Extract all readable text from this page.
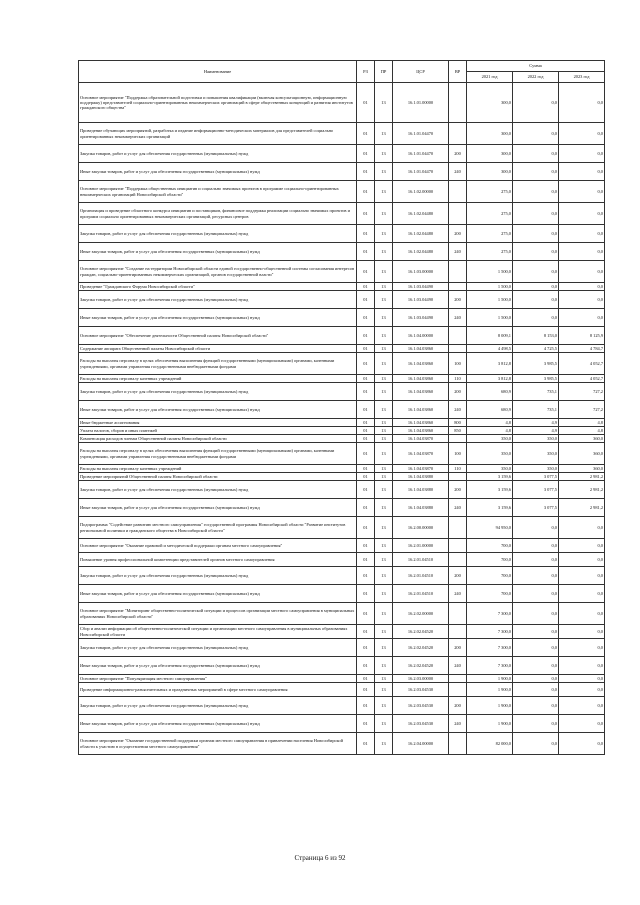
Наименование	РЗ	ПР	ЦСР	ВР	Сумма		
					2021 год	2022 год	2023 год
Основное мероприятие "Поддержка образовательной подготовки и повышения квалификации (включая консультационную, информационную поддержку) представителей социально-ориентированных некоммерческих организаций в сфере общественных концепций и развития институтов гражданского общества"	01	13	16.1.01.00000		300,0	0,0	0,0
Проведение обучающих мероприятий, разработка и издание информационно-методических материалов для представителей социально ориентированных некоммерческих организаций	01	13	16.1.01.04470		300,0	0,0	0,0
Закупка товаров, работ и услуг для обеспечения государственных (муниципальных) нужд	01	13	16.1.01.04470	200	300,0	0,0	0,0
Иные закупки товаров, работ и услуг для обеспечения государственных (муниципальных) нужд	01	13	16.1.01.04470	240	300,0	0,0	0,0
Основное мероприятие "Поддержка общественных инициатив и социально значимых проектов в программе социально-ориентированных некоммерческих организаций Новосибирской области"	01	13	16.1.02.00000		275,0	0,0	0,0
Организация и проведение областного конкурса инициатив и поставщиков, финансовое поддержка реализации социально значимых проектов и программ социально ориентированных некоммерческих организаций, ресурсных центров	01	13	16.1.02.04480		275,0	0,0	0,0
Закупка товаров, работ и услуг для обеспечения государственных (муниципальных) нужд	01	13	16.1.02.04480	200	275,0	0,0	0,0
Иные закупки товаров, работ и услуг для обеспечения государственных (муниципальных) нужд	01	13	16.1.02.04480	240	275,0	0,0	0,0
Основное мероприятие "Создание на территории Новосибирской области единой государственно-общественной системы согласования интересов граждан, социально-ориентированных некоммерческих организаций, органов государственной власти"	01	13	16.1.03.00000		1 500,0	0,0	0,0
Проведение "Гражданского Форума Новосибирской области"	01	13	16.1.03.04490		1 500,0	0,0	0,0
Закупка товаров, работ и услуг для обеспечения государственных (муниципальных) нужд	01	13	16.1.03.04490	200	1 500,0	0,0	0,0
Иные закупки товаров, работ и услуг для обеспечения государственных (муниципальных) нужд	01	13	16.1.03.04490	240	1 500,0	0,0	0,0
Основное мероприятие "Обеспечение деятельности Общественной палаты Новосибирской области"	01	13	16.1.04.00000		8 009,1	8 153,0	8 125,9
Содержание аппарата Общественной палаты Новосибирской области	01	13	16.1.04.03860		4 498,5	4 725,5	4 784,7
Расходы на выплаты персоналу в целях обеспечения выполнения функций государственными (муниципальными) органами, казенными учреждениями, органами управления государственными внебюджетными фондами	01	13	16.1.04.03860	100	3 812,8	3 985,5	4 052,7
Расходы на выплаты персоналу казенных учреждений	01	13	16.1.04.03860	110	3 812,8	3 985,5	4 052,7
Закупка товаров, работ и услуг для обеспечения государственных (муниципальных) нужд	01	13	16.1.04.03860	200	680,9	735,1	727,2
Иные закупки товаров, работ и услуг для обеспечения государственных (муниципальных) нужд	01	13	16.1.04.03860	240	680,9	735,1	727,2
Иные бюджетные ассигнования	01	13	16.1.04.03860	800	4,8	4,9	4,8
Уплата налогов, сборов и иных платежей	01	13	16.1.04.03860	850	4,8	4,9	4,8
Компенсация расходов членам Общественной палаты Новосибирской области	01	13	16.1.04.03870		350,0	350,0	360,0
Расходы на выплаты персоналу в целях обеспечения выполнения функций государственными (муниципальными) органами, казенными учреждениями, органами управления государственными внебюджетными фондами	01	13	16.1.04.03870	100	350,0	350,0	360,0
Расходы на выплаты персоналу казенных учреждений	01	13	16.1.04.03870	110	350,0	350,0	360,0
Проведение мероприятий Общественной палаты Новосибирской области	01	13	16.1.04.03880		3 159,6	3 077,5	2 981,2
Закупка товаров, работ и услуг для обеспечения государственных (муниципальных) нужд	01	13	16.1.04.03880	200	3 159,6	3 077,5	2 981,2
Иные закупки товаров, работ и услуг для обеспечения государственных (муниципальных) нужд	01	13	16.1.04.03880	240	3 159,6	3 077,5	2 981,2
Подпрограмма "Содействие развитию местного самоуправления" государственной программы Новосибирской области "Развитие институтов региональной политики и гражданского общества в Новосибирской области"	01	13	16.2.00.00000		94 950,0	0,0	0,0
Основное мероприятие "Оказание правовой и методической поддержки органам местного самоуправления"	01	13	16.2.01.00000		700,0	0,0	0,0
Повышение уровня профессиональной компетенции представителей органов местного самоуправления	01	13	16.2.01.04510		700,0	0,0	0,0
Закупка товаров, работ и услуг для обеспечения государственных (муниципальных) нужд	01	13	16.2.01.04510	200	700,0	0,0	0,0
Иные закупки товаров, работ и услуг для обеспечения государственных (муниципальных) нужд	01	13	16.2.01.04510	240	700,0	0,0	0,0
Основное мероприятие "Мониторинг общественно-политической ситуации и процессов организации местного самоуправления в муниципальных образованиях Новосибирской области"	01	13	16.2.02.00000		7 300,0	0,0	0,0
Сбор и анализ информации об общественно-политической ситуации и организации местного самоуправления в муниципальных образованиях Новосибирской области	01	13	16.2.02.04520		7 300,0	0,0	0,0
Закупка товаров, работ и услуг для обеспечения государственных (муниципальных) нужд	01	13	16.2.02.04520	200	7 300,0	0,0	0,0
Иные закупки товаров, работ и услуг для обеспечения государственных (муниципальных) нужд	01	13	16.2.02.04520	240	7 300,0	0,0	0,0
Основное мероприятие "Популяризация местного самоуправления"	01	13	16.2.03.00000		1 900,0	0,0	0,0
Проведение информационно-разъяснительных и праздничных мероприятий в сфере местного самоуправления	01	13	16.2.03.04530		1 900,0	0,0	0,0
Закупка товаров, работ и услуг для обеспечения государственных (муниципальных) нужд	01	13	16.2.03.04530	200	1 900,0	0,0	0,0
Иные закупки товаров, работ и услуг для обеспечения государственных (муниципальных) нужд	01	13	16.2.03.04530	240	1 900,0	0,0	0,0
Основное мероприятие "Оказание государственной поддержки органам местного самоуправления в привлечении населения Новосибирской области к участию в осуществлении местного самоуправления"	01	13	16.2.04.00000		82 000,0	0,0	0,0
Страница 6 из 92
